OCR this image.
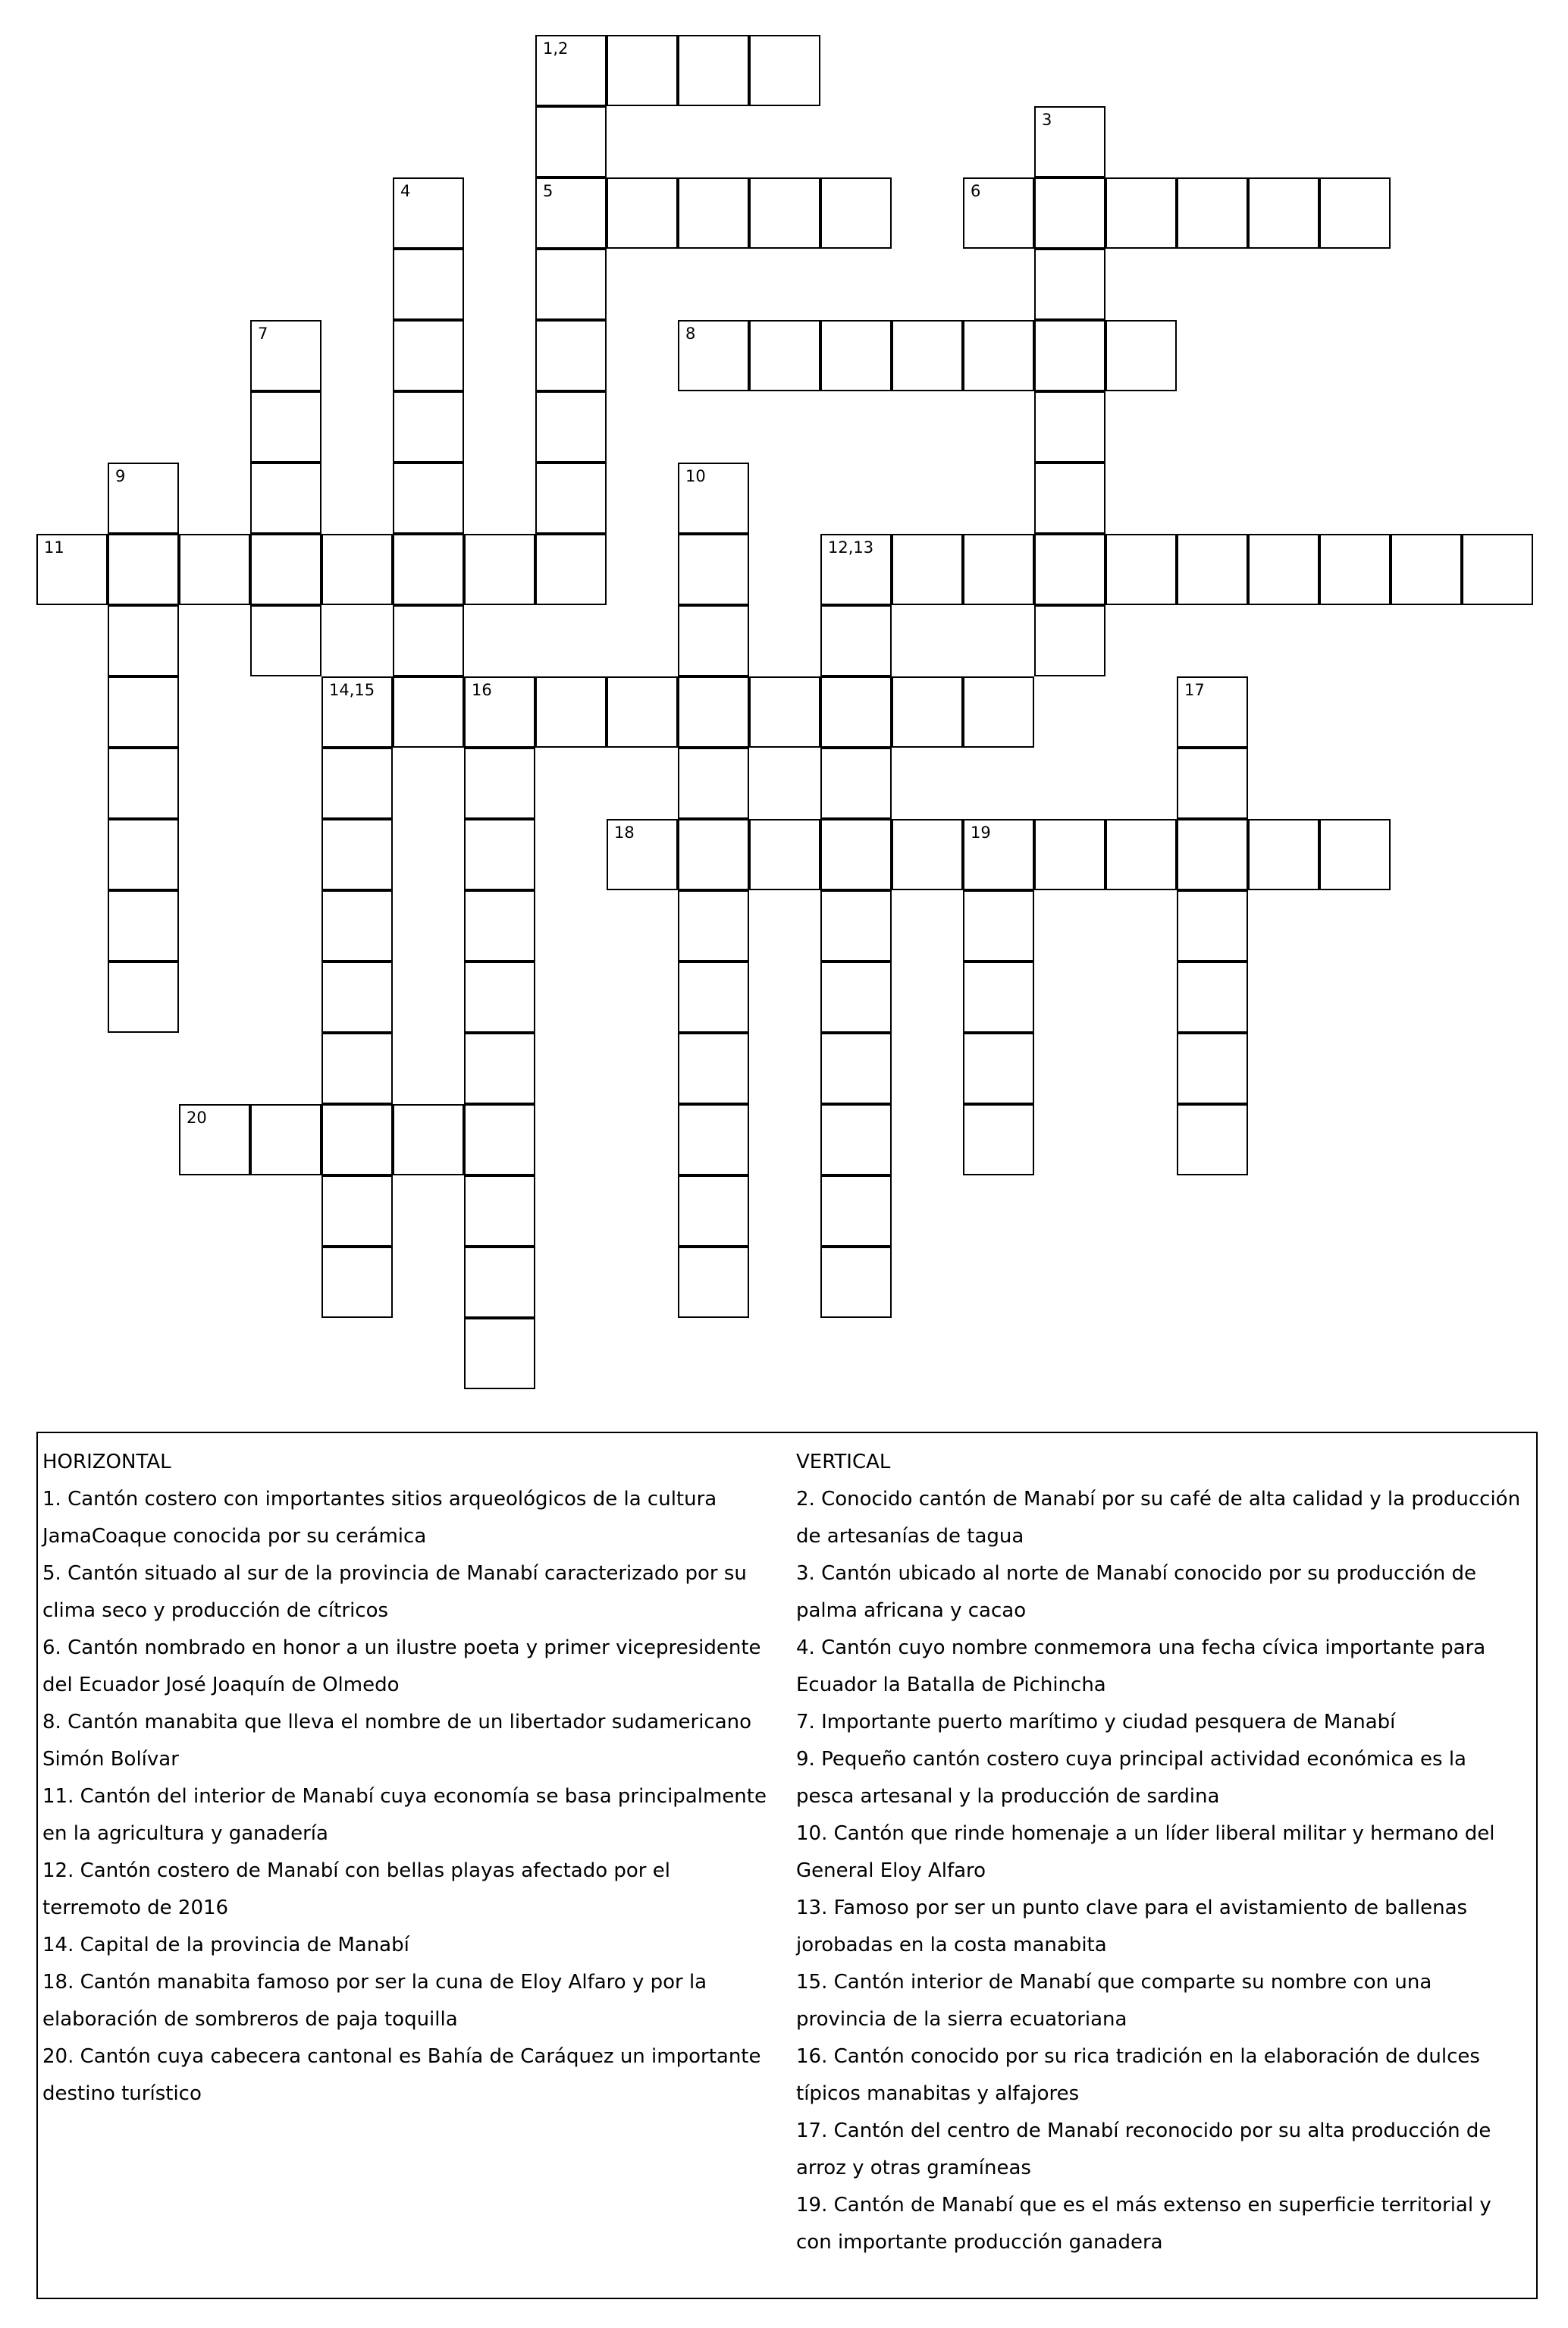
1,2
5
3
4	6
7	8
9	10
11	12,13
14,15	16	17
18	19
20
HORIZONTAL
1. Cantón costero con importantes sitios arqueológicos de la cultura JamaCoaque conocida por su cerámica
5. Cantón situado al sur de la provincia de Manabí caracterizado por su clima seco y producción de cítricos
6. Cantón nombrado en honor a un ilustre poeta y primer vicepresidente del Ecuador José Joaquín de Olmedo
8. Cantón manabita que lleva el nombre de un libertador sudamericano Simón Bolívar
11. Cantón del interior de Manabí cuya economía se basa principalmente en la agricultura y ganadería
12. Cantón costero de Manabí con bellas playas afectado por el terremoto de 2016
14. Capital de la provincia de Manabí
18. Cantón manabita famoso por ser la cuna de Eloy Alfaro y por la elaboración de sombreros de paja toquilla
20. Cantón cuya cabecera cantonal es Bahía de Caráquez un importante destino turístico
VERTICAL
2. Conocido cantón de Manabí por su café de alta calidad y la producción de artesanías de tagua
3. Cantón ubicado al norte de Manabí conocido por su producción de palma africana y cacao
4. Cantón cuyo nombre conmemora una fecha cívica importante para Ecuador la Batalla de Pichincha
7. Importante puerto marítimo y ciudad pesquera de Manabí
9. Pequeño cantón costero cuya principal actividad económica es la pesca artesanal y la producción de sardina
10. Cantón que rinde homenaje a un líder liberal militar y hermano del General Eloy Alfaro
13. Famoso por ser un punto clave para el avistamiento de ballenas jorobadas en la costa manabita
15. Cantón interior de Manabí que comparte su nombre con una provincia de la sierra ecuatoriana
16. Cantón conocido por su rica tradición en la elaboración de dulces típicos manabitas y alfajores
17. Cantón del centro de Manabí reconocido por su alta producción de arroz y otras gramíneas
19. Cantón de Manabí que es el más extenso en superficie territorial y con importante producción ganadera
